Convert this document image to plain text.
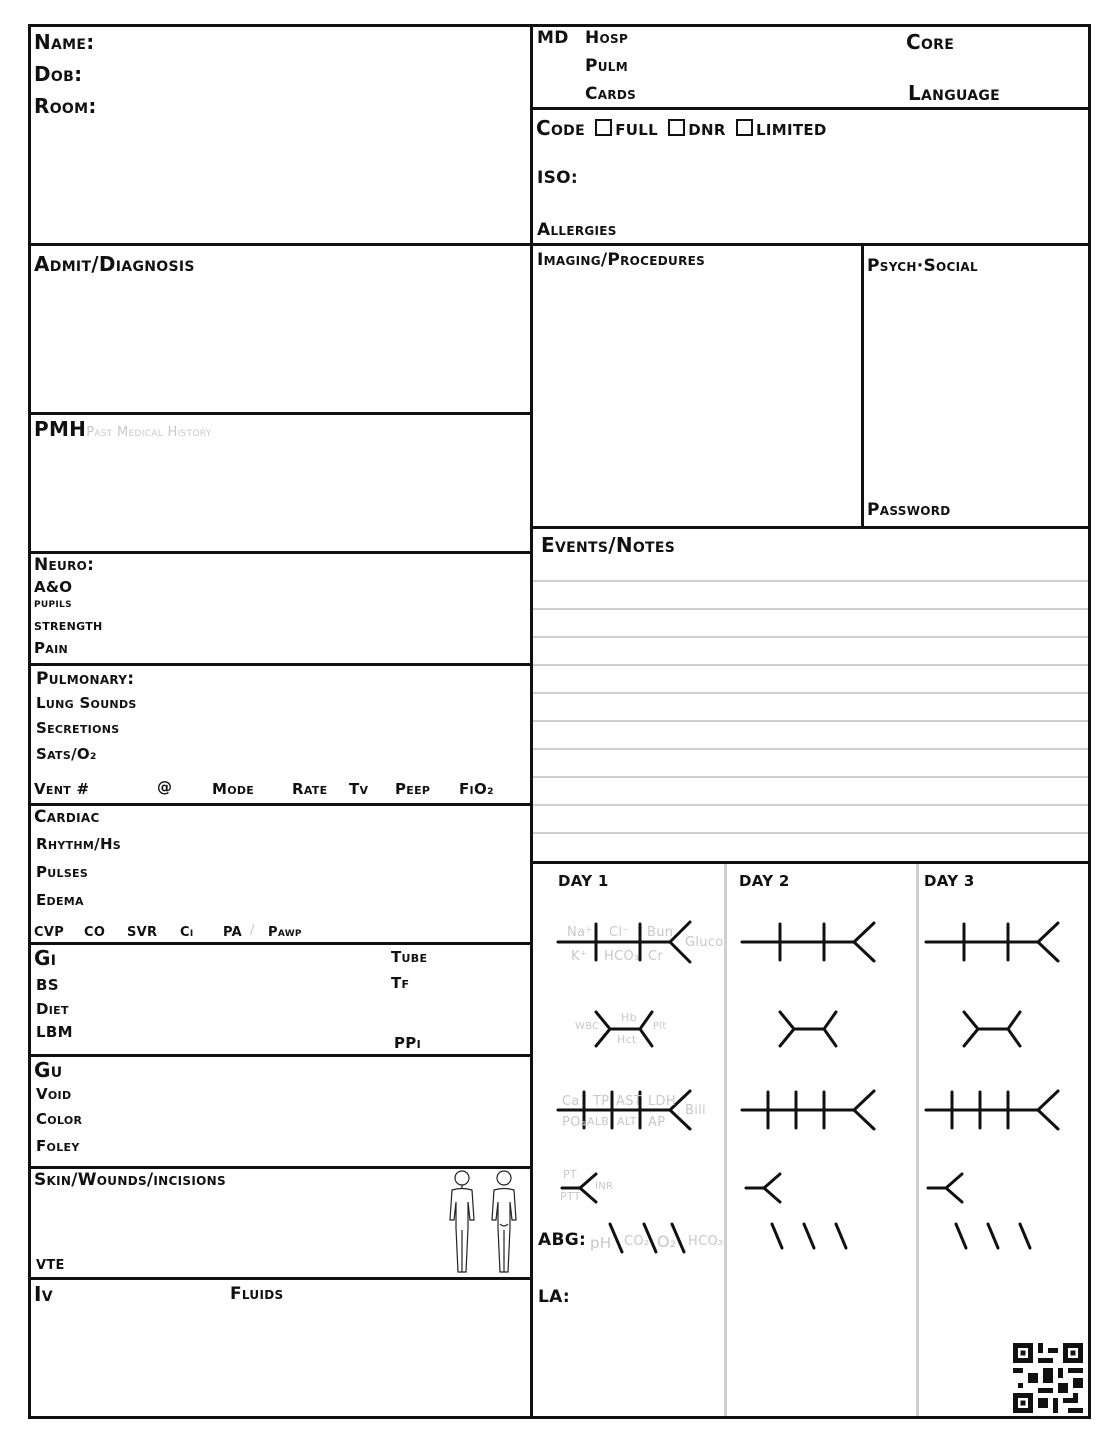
Name:
Dob:
Room:
MD Hosp
Pulm
Cards
Core
Language
Code FULL DNR LIMITED
ISO:
Allergies
Admit/Diagnosis
PMHPast Medical History
Imaging/Procedures	Psych·Social
Password
Events/Notes
Neuro:
A&O
pupils
strength
Pain
Pulmonary:
Lung Sounds
Secretions
Sats/O₂
Vent #	@	Mode	Rate Tv Peep FiO₂
Cardiac
Rhythm/Hs
Pulses
Edema
CVP CO SVR Ci PA / Pawp
Gi
BS
Diet
LBM
Tube
Tf
PPi
Gu
Void
Color
Foley
Skin/Wounds/incisions
VTE
Iv	Fluids
DAY 1	DAY 2	DAY 3
Na⁺ Cl⁻ Bun
K⁺ HCO₃ Cr
Gluco
WBC
Hb
Hct
Plt
Ca TP AST LDH
PO₄ ALB ALT AP
Bili
PT
PTT
INR
ABG: pH CO₂ O₂ HCO₃
LA:
